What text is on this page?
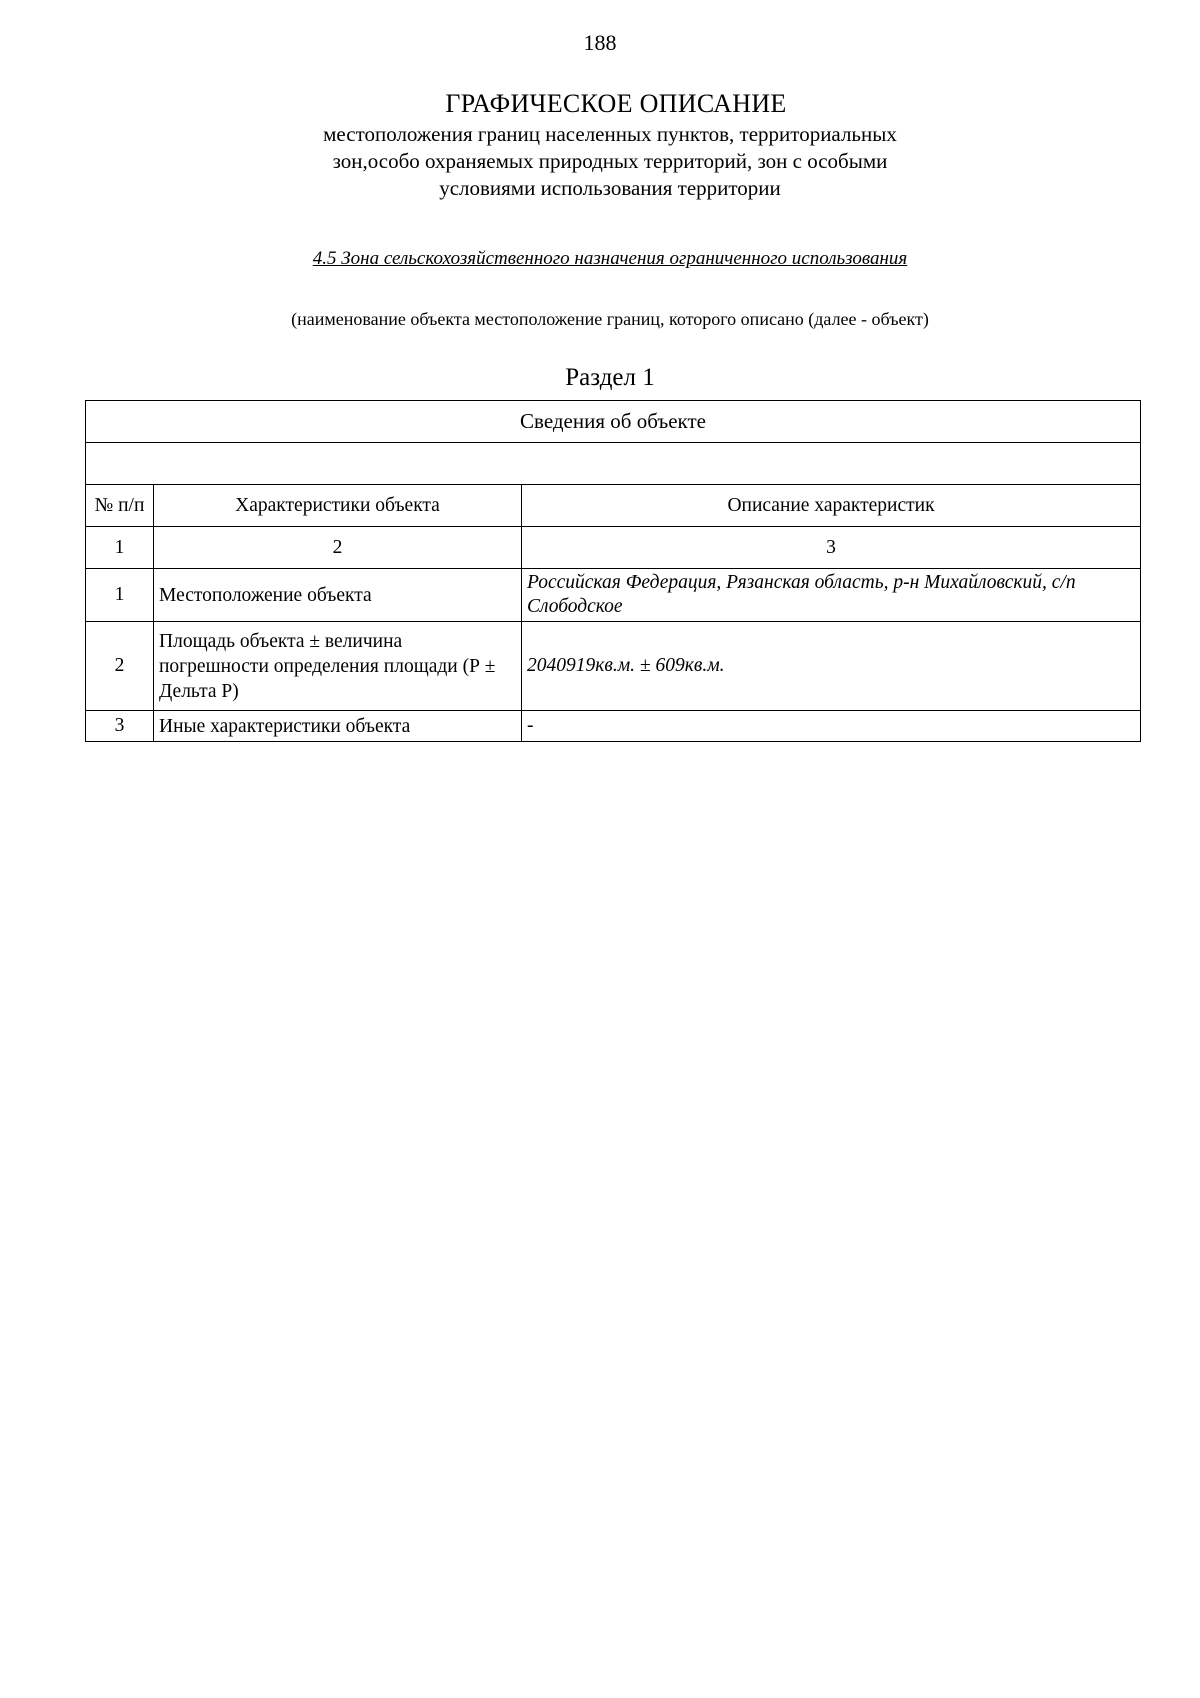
188
ГРАФИЧЕСКОЕ ОПИСАНИЕ
местоположения границ населенных пунктов, территориальных
зон,особо охраняемых природных территорий, зон с особыми
условиями использования территории
4.5 Зона сельскохозяйственного назначения ограниченного использования
(наименование объекта местоположение границ, которого описано (далее - объект)
Раздел 1
Сведения об объекте		

№ п/п	Характеристики объекта	Описание характеристик
1	2	3
1	Местоположение объекта	Российская Федерация, Рязанская область, р-н Михайловский, с/п Слободское
2	Площадь объекта ± величина погрешности определения площади (Р ± Дельта Р)	2040919кв.м. ± 609кв.м.
3	Иные характеристики объекта	-
